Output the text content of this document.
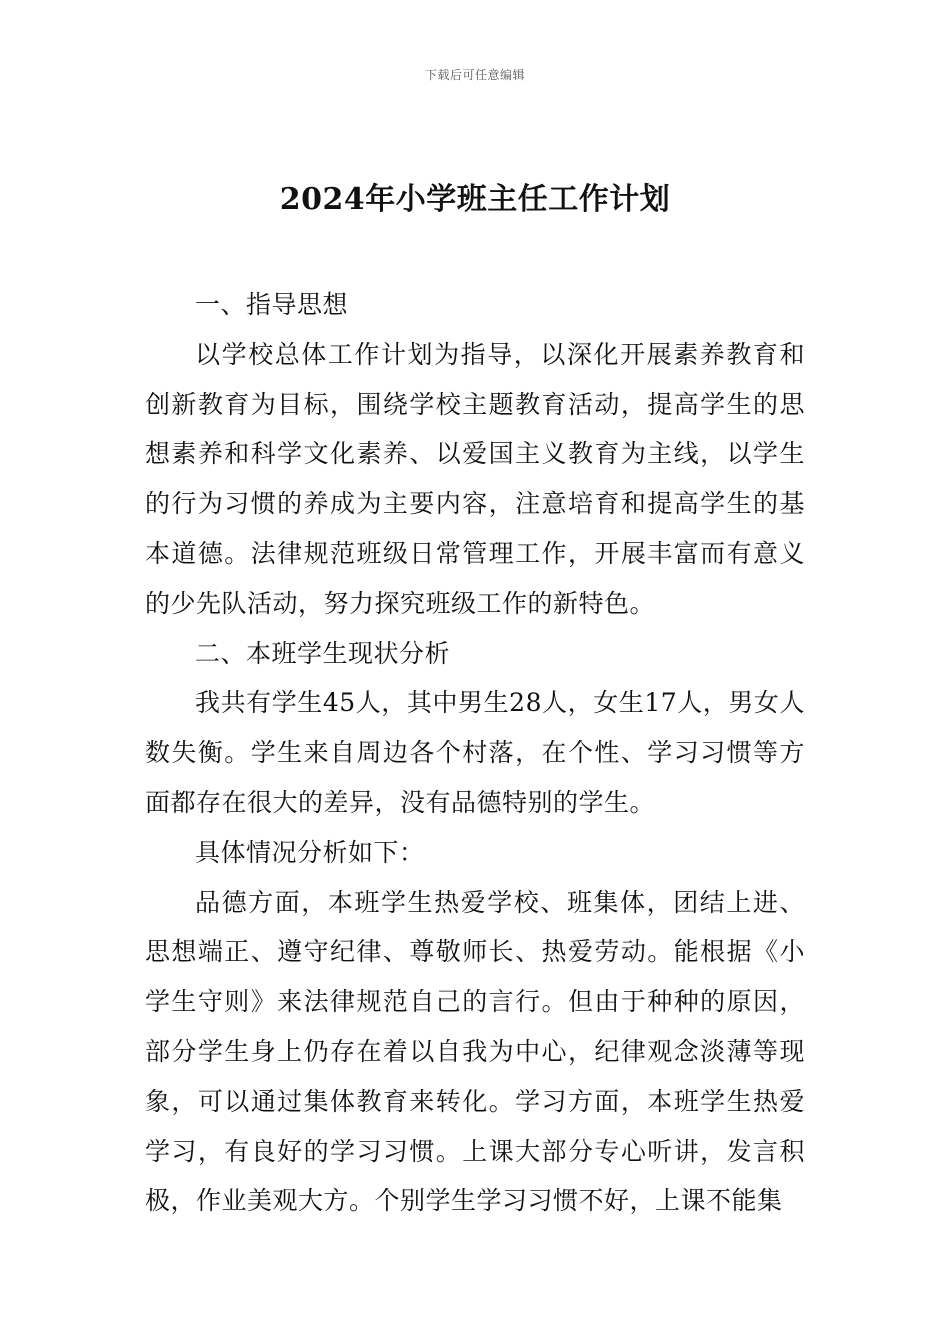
下载后可任意编辑
2024年小学班主任工作计划

一、指导思想

以学校总体工作计划为指导，以深化开展素养教育和创新教育为目标，围绕学校主题教育活动，提高学生的思想素养和科学文化素养、以爱国主义教育为主线，以学生的行为习惯的养成为主要内容，注意培育和提高学生的基本道德。法律规范班级日常管理工作，开展丰富而有意义的少先队活动，努力探究班级工作的新特色。

二、本班学生现状分析

我共有学生45人，其中男生28人，女生17人，男女人数失衡。学生来自周边各个村落，在个性、学习习惯等方面都存在很大的差异，没有品德特别的学生。

具体情况分析如下：

品德方面，本班学生热爱学校、班集体，团结上进、思想端正、遵守纪律、尊敬师长、热爱劳动。能根据《小学生守则》来法律规范自己的言行。但由于种种的原因，部分学生身上仍存在着以自我为中心，纪律观念淡薄等现象，可以通过集体教育来转化。学习方面，本班学生热爱学习，有良好的学习习惯。上课大部分专心听讲，发言积极，作业美观大方。个别学生学习习惯不好，上课不能集
